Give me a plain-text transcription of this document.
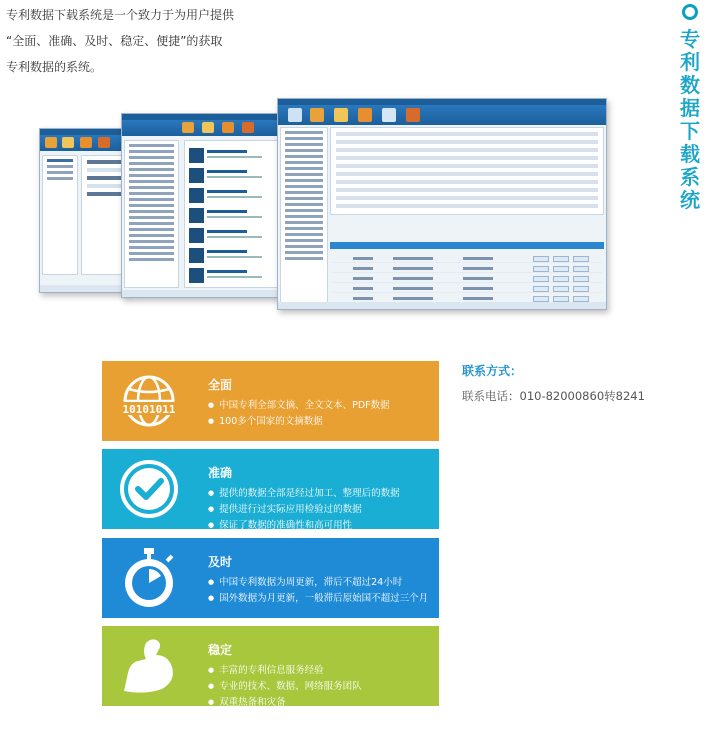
专利数据下载系统是一个致力于为用户提供
“全面、准确、及时、稳定、便捷”的获取
专利数据的系统。
专
利
数
据
下
载
系
统
10101011
全面
● 中国专利全部文摘、全文文本、PDF数据
● 100多个国家的文摘数据
准确
● 提供的数据全部是经过加工、整理后的数据
● 提供进行过实际应用检验过的数据
● 保证了数据的准确性和高可用性
及时
● 中国专利数据为周更新，滞后不超过24小时
● 国外数据为月更新，一般滞后原始国不超过三个月
稳定
● 丰富的专利信息服务经验
● 专业的技术、数据、网络服务团队
● 双重热备和灾备
联系方式：
联系电话：010-82000860转8241
